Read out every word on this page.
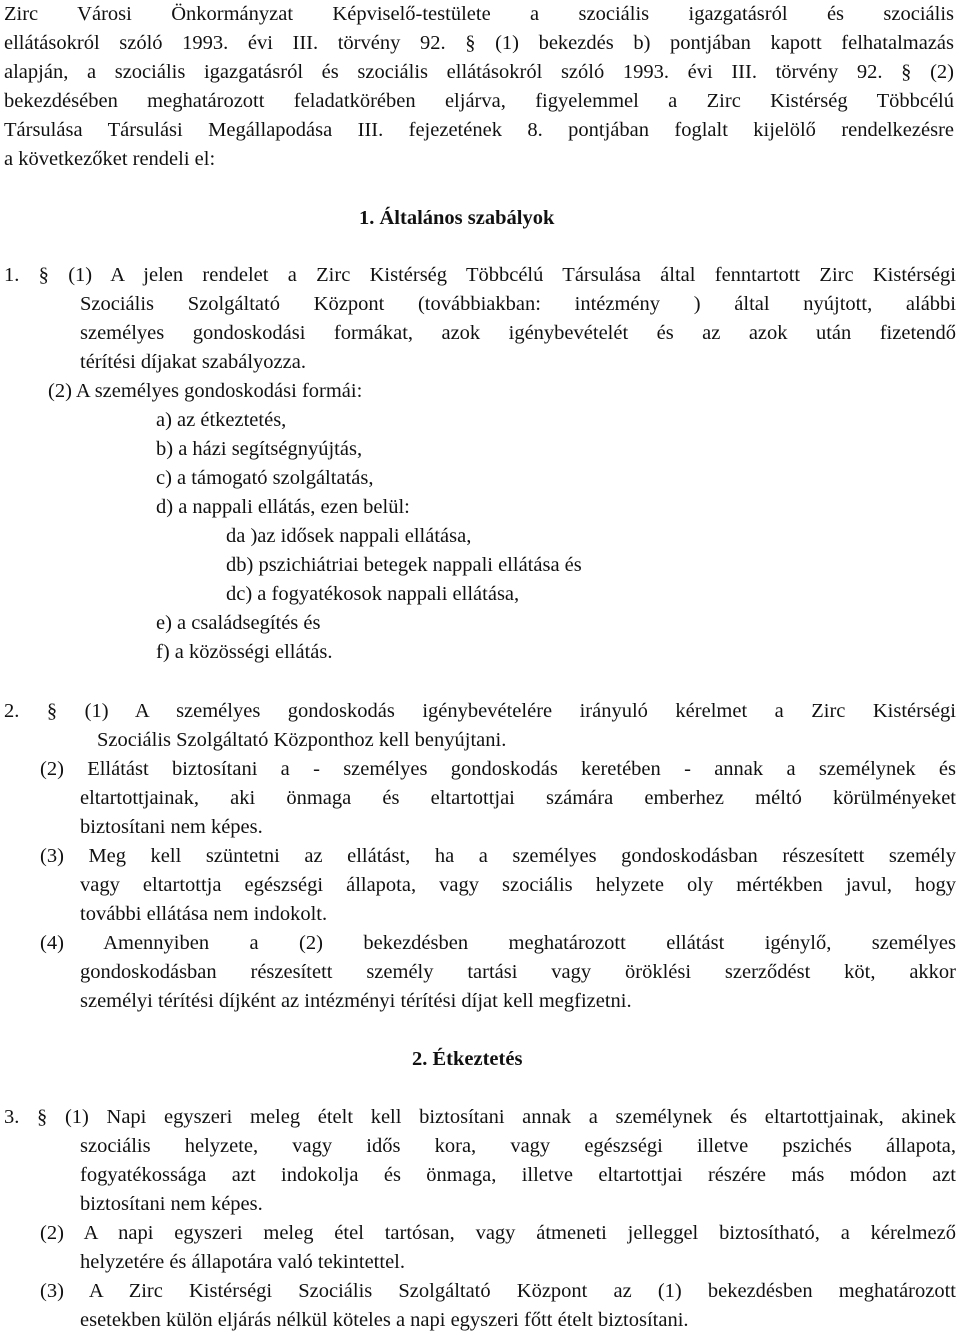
Zirc Városi Önkormányzat Képviselő-testülete a szociális igazgatásról és szociális
ellátásokról szóló 1993. évi III. törvény 92. § (1) bekezdés b) pontjában kapott felhatalmazás
alapján, a szociális igazgatásról és szociális ellátásokról szóló 1993. évi III. törvény 92. § (2)
bekezdésében meghatározott feladatkörében eljárva, figyelemmel a Zirc Kistérség Többcélú
Társulása Társulási Megállapodása III. fejezetének 8. pontjában foglalt kijelölő rendelkezésre
a következőket rendeli el:
1. Általános szabályok
1. § (1) A jelen rendelet a Zirc Kistérség Többcélú Társulása által fenntartott Zirc Kistérségi
Szociális Szolgáltató Központ (továbbiakban: intézmény ) által nyújtott, alábbi
személyes gondoskodási formákat, azok igénybevételét és az azok után fizetendő
térítési díjakat szabályozza.
(2) A személyes gondoskodási formái:
a) az étkeztetés,
b) a házi segítségnyújtás,
c) a támogató szolgáltatás,
d) a nappali ellátás, ezen belül:
da )az idősek nappali ellátása,
db) pszichiátriai betegek nappali ellátása és
dc) a fogyatékosok nappali ellátása,
e) a családsegítés és
f) a közösségi ellátás.
2. § (1) A személyes gondoskodás igénybevételére irányuló kérelmet a Zirc Kistérségi
Szociális Szolgáltató Központhoz kell benyújtani.
(2) Ellátást biztosítani a - személyes gondoskodás keretében - annak a személynek és
eltartottjainak, aki önmaga és eltartottjai számára emberhez méltó körülményeket
biztosítani nem képes.
(3) Meg kell szüntetni az ellátást, ha a személyes gondoskodásban részesített személy
vagy eltartottja egészségi állapota, vagy szociális helyzete oly mértékben javul, hogy
további ellátása nem indokolt.
(4) Amennyiben a (2) bekezdésben meghatározott ellátást igénylő, személyes
gondoskodásban részesített személy tartási vagy öröklési szerződést köt, akkor
személyi térítési díjként az intézményi térítési díjat kell megfizetni.
2. Étkeztetés
3. § (1) Napi egyszeri meleg ételt kell biztosítani annak a személynek és eltartottjainak, akinek
szociális helyzete, vagy idős kora, vagy egészségi illetve pszichés állapota,
fogyatékossága azt indokolja és önmaga, illetve eltartottjai részére más módon azt
biztosítani nem képes.
(2) A napi egyszeri meleg étel tartósan, vagy átmeneti jelleggel biztosítható, a kérelmező
helyzetére és állapotára való tekintettel.
(3) A Zirc Kistérségi Szociális Szolgáltató Központ az (1) bekezdésben meghatározott
esetekben külön eljárás nélkül köteles a napi egyszeri főtt ételt biztosítani.
